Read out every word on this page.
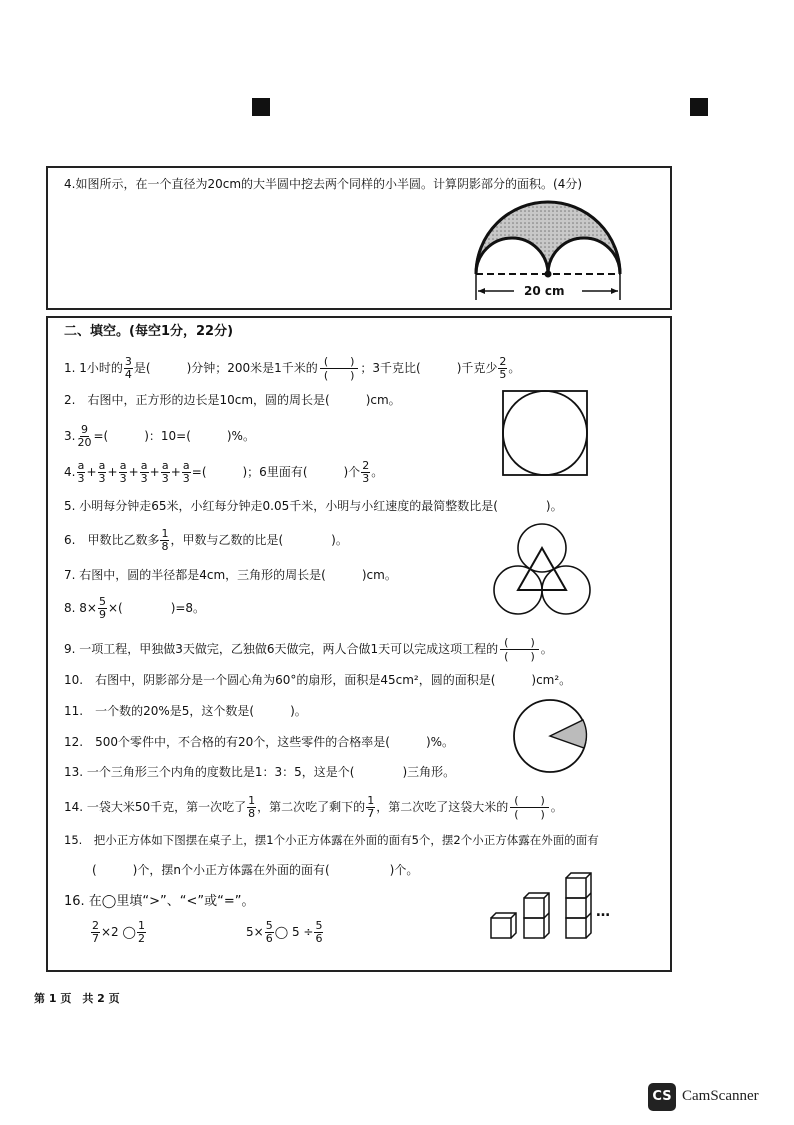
4.如图所示，在一个直径为20cm的大半圆中挖去两个同样的小半圆。计算阴影部分的面积。(4分)
20 cm
二、填空。(每空1分，22分)
1. 1小时的 $\frac{3}{4}$ 是(　　　)分钟；200米是1千米的 $\frac{( )}{( )}$ ；3千克比(　　　)千克少 $\frac{2}{5}$ 。
2.　右图中，正方形的边长是10cm，圆的周长是(　　　)cm。
3. $\frac{9}{20}$ =(　　　)：10=(　　　)%。
4. $\frac{a}{3} + \frac{a}{3} + \frac{a}{3} + \frac{a}{3} + \frac{a}{3} + \frac{a}{3}$ =(　　　)；6里面有(　　　)个 $\frac{2}{3}$ 。
5. 小明每分钟走65米，小红每分钟走0.05千米，小明与小红速度的最简整数比是(　　　　)。
6.　甲数比乙数多 $\frac{1}{8}$ ，甲数与乙数的比是(　　　　)。
7. 右图中，圆的半径都是4cm，三角形的周长是(　　　)cm。
8. $8\times \frac{5}{9}$ ×(　　　　)=8。
9. 一项工程，甲独做3天做完，乙独做6天做完，两人合做1天可以完成这项工程的 $\frac{( )}{( )}$ 。
10.　右图中，阴影部分是一个圆心角为60°的扇形，面积是45cm²，圆的面积是(　　　)cm²。
11.　一个数的20%是5，这个数是(　　　)。
12.　500个零件中，不合格的有20个，这些零件的合格率是(　　　)%。
13. 一个三角形三个内角的度数比是1：3：5，这是个(　　　　)三角形。
14. 一袋大米50千克，第一次吃了 $\frac{1}{8}$ ，第二次吃了剩下的 $\frac{1}{7}$ ，第二次吃了这袋大米的 $\frac{( )}{( )}$ 。
15.　把小正方体如下图摆在桌子上，摆1个小正方体露在外面的面有5个，摆2个小正方体露在外面的面有
(　　　)个，摆n个小正方体露在外面的面有(　　　　　)个。
16. 在◯里填“>”、“<”或“=”。
$\frac{2}{7} \times 2$ ◯ $\frac{1}{2}$	$5\times \frac{5}{6}$ ◯ $5 \div \frac{5}{6}$
…
第 1 页　共 2 页
CS CamScanner
